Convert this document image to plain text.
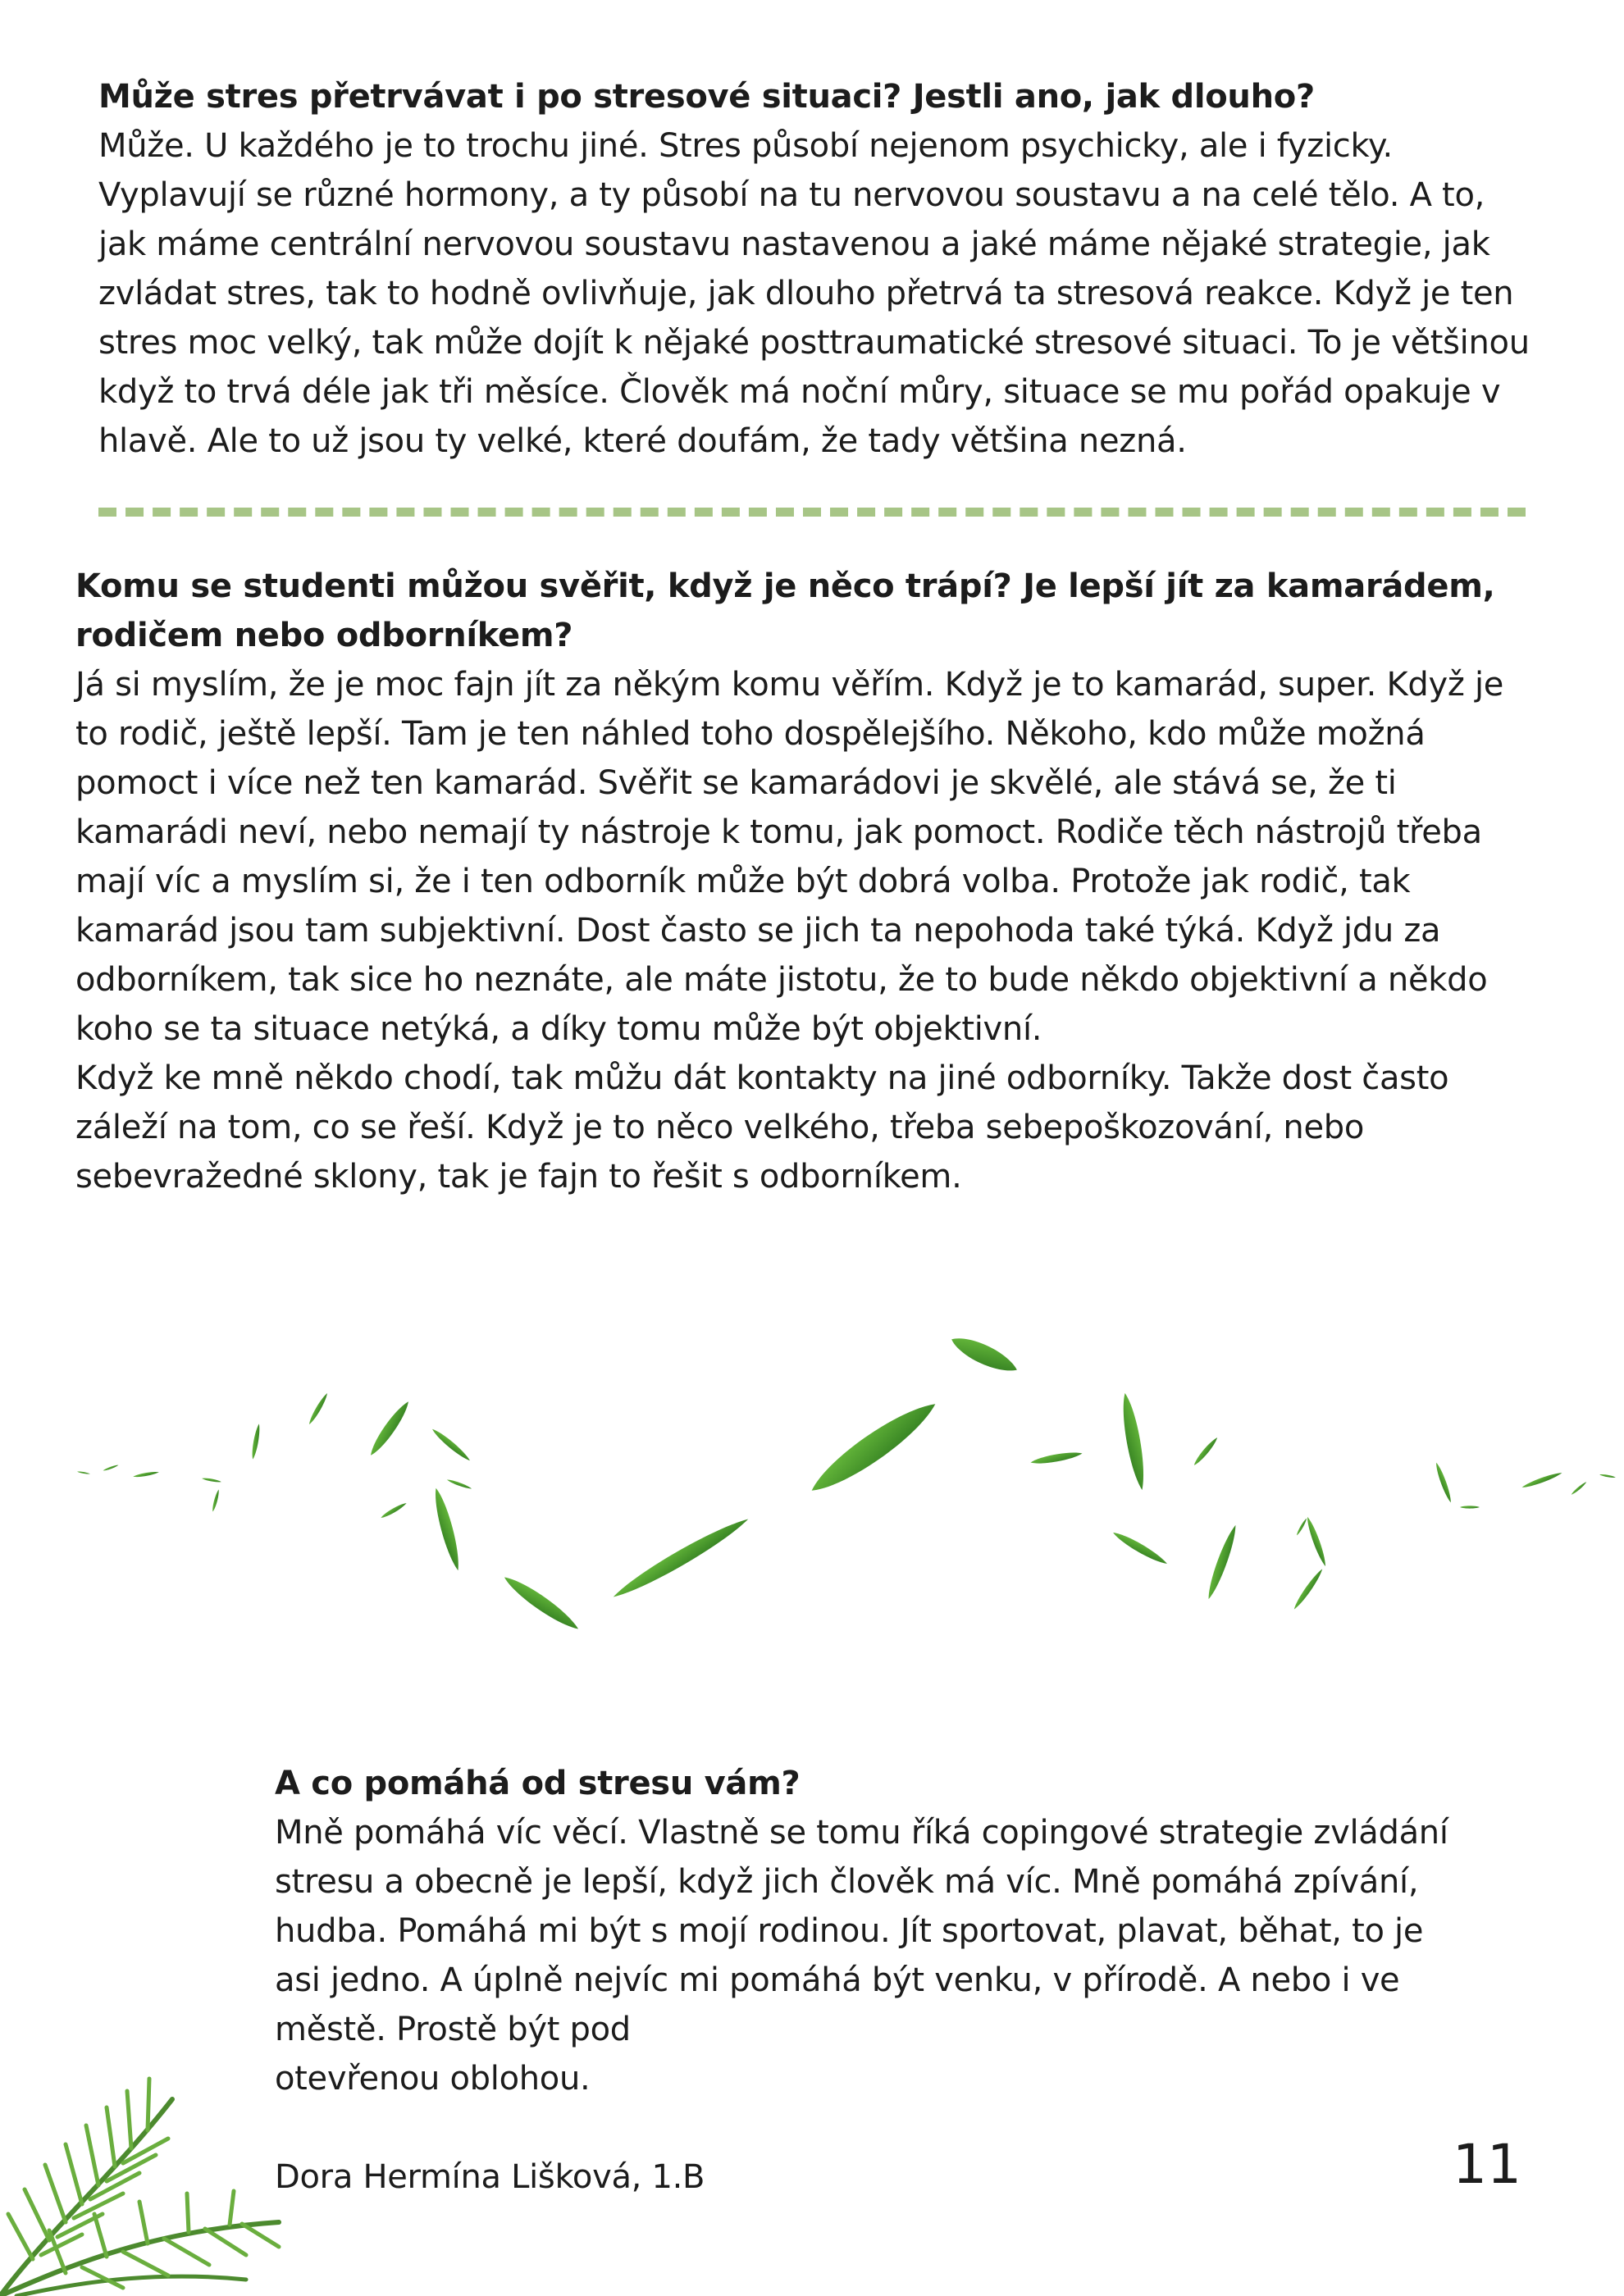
Může stres přetrvávat i po stresové situaci? Jestli ano, jak dlouho?

Může. U každého je to trochu jiné. Stres působí nejenom psychicky, ale i fyzicky. Vyplavují se různé hormony, a ty působí na tu nervovou soustavu a na celé tělo. A to, jak máme centrální nervovou soustavu nastavenou a jaké máme nějaké strategie, jak zvládat stres, tak to hodně ovlivňuje, jak dlouho přetrvá ta stresová reakce. Když je ten stres moc velký, tak může dojít k nějaké posttraumatické stresové situaci. To je většinou když to trvá déle jak tři měsíce. Člověk má noční můry, situace se mu pořád opakuje v hlavě. Ale to už jsou ty velké, které doufám, že tady většina nezná.

Komu se studenti můžou svěřit, když je něco trápí? Je lepší jít za kamarádem, rodičem nebo odborníkem?

Já si myslím, že je moc fajn jít za někým komu věřím. Když je to kamarád, super. Když je to rodič, ještě lepší. Tam je ten náhled toho dospělejšího. Někoho, kdo může možná pomoct i více než ten kamarád. Svěřit se kamarádovi je skvělé, ale stává se, že ti kamarádi neví, nebo nemají ty nástroje k tomu, jak pomoct. Rodiče těch nástrojů třeba mají víc a myslím si, že i ten odborník může být dobrá volba. Protože jak rodič, tak kamarád jsou tam subjektivní. Dost často se jich ta nepohoda také týká. Když jdu za odborníkem, tak sice ho neznáte, ale máte jistotu, že to bude někdo objektivní a někdo koho se ta situace netýká, a díky tomu může být objektivní.

Když ke mně někdo chodí, tak můžu dát kontakty na jiné odborníky. Takže dost často záleží na tom, co se řeší. Když je to něco velkého, třeba sebepoškozování, nebo sebevražedné sklony, tak je fajn to řešit s odborníkem.

A co pomáhá od stresu vám?

Mně pomáhá víc věcí. Vlastně se tomu říká copingové strategie zvládání stresu a obecně je lepší, když jich člověk má víc. Mně pomáhá zpívání, hudba. Pomáhá mi být s mojí rodinou. Jít sportovat, plavat, běhat, to je asi jedno. A úplně nejvíc mi pomáhá být venku, v přírodě. A nebo i ve městě. Prostě být pod

otevřenou oblohou.

Dora Hermína Lišková, 1.B	11
